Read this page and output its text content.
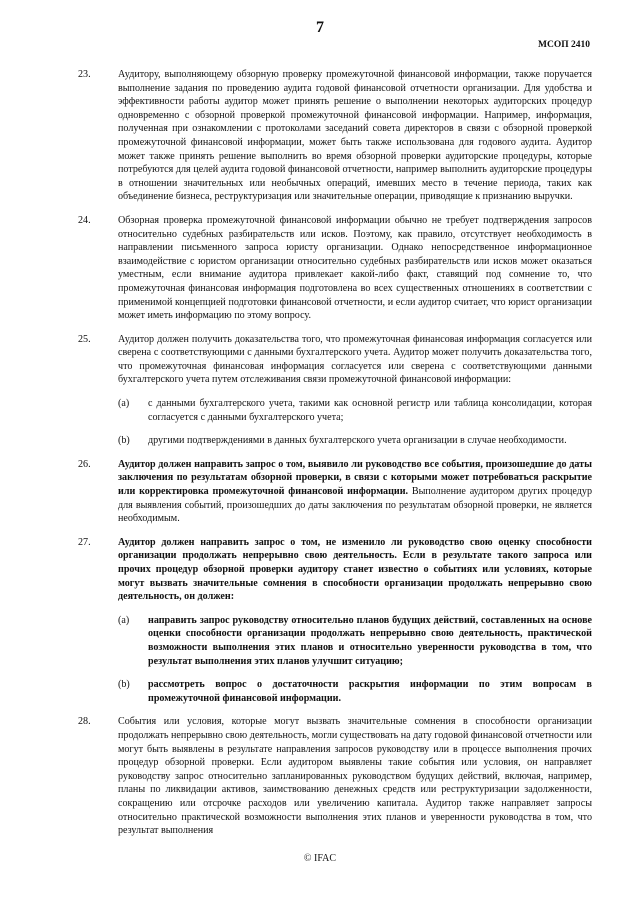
7
МСОП 2410
23.	Аудитору, выполняющему обзорную проверку промежуточной финансовой информации, также поручается выполнение задания по проведению аудита годовой финансовой отчетности организации. Для удобства и эффективности работы аудитор может принять решение о выполнении некоторых аудиторских процедур одновременно с обзорной проверкой промежуточной финансовой информации. Например, информация, полученная при ознакомлении с протоколами заседаний совета директоров в связи с обзорной проверкой промежуточной финансовой информации, может быть также использована для годового аудита. Аудитор может также принять решение выполнить во время обзорной проверки аудиторские процедуры, которые потребуются для целей аудита годовой финансовой отчетности, например выполнить аудиторские процедуры в отношении значительных или необычных операций, имевших место в течение периода, таких как объединение бизнеса, реструктуризация или значительные операции, приводящие к признанию выручки.

24.	Обзорная проверка промежуточной финансовой информации обычно не требует подтверждения запросов относительно судебных разбирательств или исков. Поэтому, как правило, отсутствует необходимость в направлении письменного запроса юристу организации. Однако непосредственное информационное взаимодействие с юристом организации относительно судебных разбирательств или исков может оказаться уместным, если внимание аудитора привлекает какой-либо факт, ставящий под сомнение то, что промежуточная финансовая информация подготовлена во всех существенных отношениях в соответствии с применимой концепцией подготовки финансовой отчетности, и если аудитор считает, что юрист организации может иметь информацию по этому вопросу.

25.	Аудитор должен получить доказательства того, что промежуточная финансовая информация согласуется или сверена с соответствующими с данными бухгалтерского учета. Аудитор может получить доказательства того, что промежуточная финансовая информация согласуется или сверена с соответствующими данными бухгалтерского учета путем отслеживания связи промежуточной финансовой информации:

(a) с данными бухгалтерского учета, такими как основной регистр или таблица консолидации, которая согласуется с данными бухгалтерского учета;

(b) другими подтверждениями в данных бухгалтерского учета организации в случае необходимости.

26.	Аудитор должен направить запрос о том, выявило ли руководство все события, произошедшие до даты заключения по результатам обзорной проверки, в связи с которыми может потребоваться раскрытие или корректировка промежуточной финансовой информации. Выполнение аудитором других процедур для выявления событий, произошедших до даты заключения по результатам обзорной проверки, не является необходимым.

27.	Аудитор должен направить запрос о том, не изменило ли руководство свою оценку способности организации продолжать непрерывно свою деятельность. Если в результате такого запроса или прочих процедур обзорной проверки аудитору станет известно о событиях или условиях, которые могут вызвать значительные сомнения в способности организации продолжать непрерывно свою деятельность, он должен:

(a) направить запрос руководству относительно планов будущих действий, составленных на основе оценки способности организации продолжать непрерывно свою деятельность, практической возможности выполнения этих планов и относительно уверенности руководства в том, что результат выполнения этих планов улучшит ситуацию;

(b) рассмотреть вопрос о достаточности раскрытия информации по этим вопросам в промежуточной финансовой информации.

28.	События или условия, которые могут вызвать значительные сомнения в способности организации продолжать непрерывно свою деятельность, могли существовать на дату годовой финансовой отчетности или могут быть выявлены в результате направления запросов руководству или в процессе выполнения прочих процедур обзорной проверки. Если аудитором выявлены такие события или условия, он направляет руководству запрос относительно запланированных руководством будущих действий, включая, например, планы по ликвидации активов, заимствованию денежных средств или реструктуризации задолженности, сокращению или отсрочке расходов или увеличению капитала. Аудитор также направляет запросы относительно практической возможности выполнения этих планов и уверенности руководства в том, что результат выполнения

© IFAC
